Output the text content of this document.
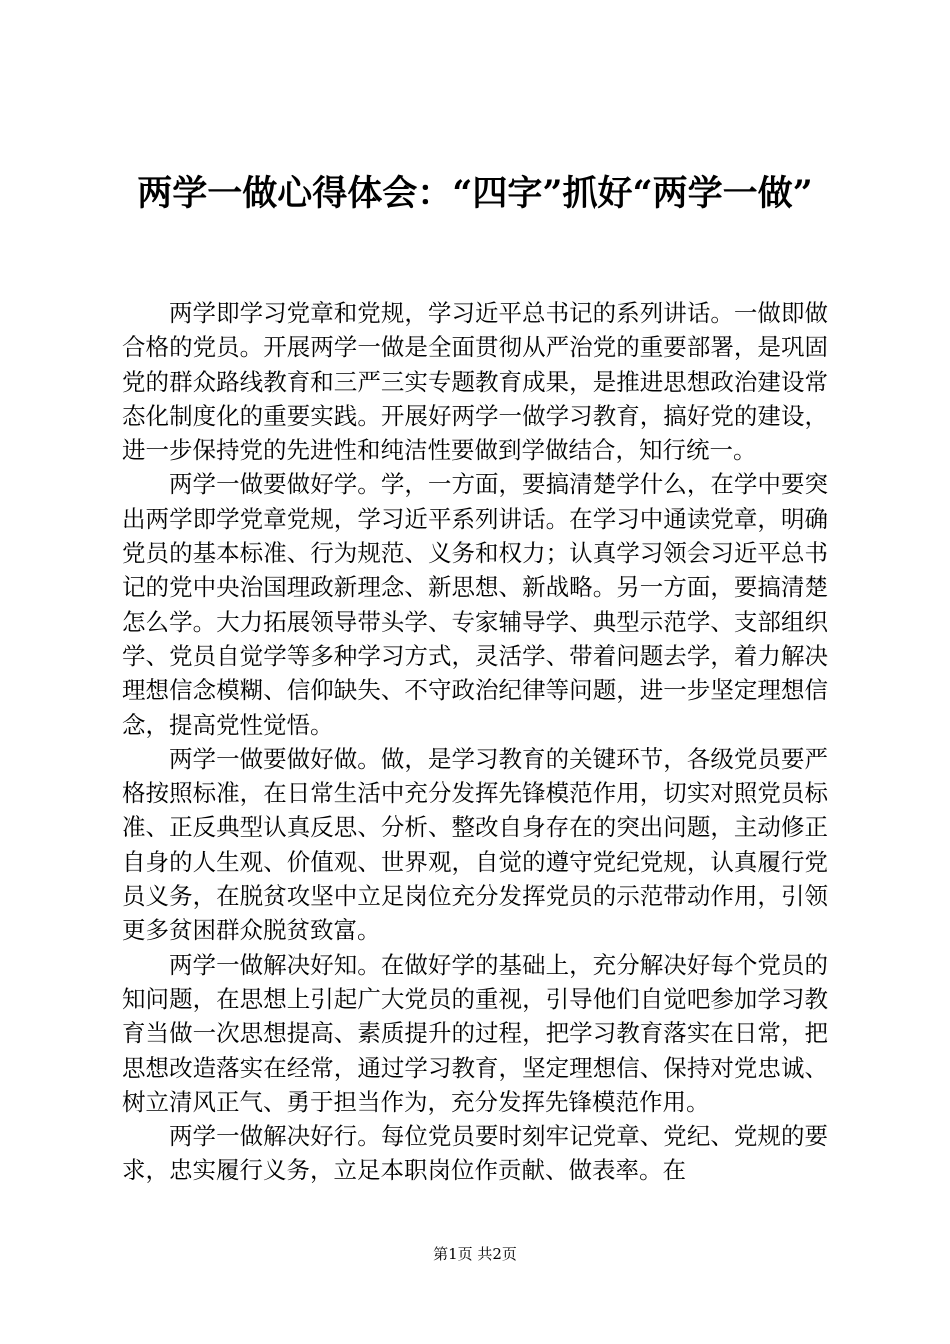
两学一做心得体会：“四字”抓好“两学一做”

两学即学习党章和党规，学习近平总书记的系列讲话。一做即做合格的党员。开展两学一做是全面贯彻从严治党的重要部署，是巩固党的群众路线教育和三严三实专题教育成果，是推进思想政治建设常态化制度化的重要实践。开展好两学一做学习教育，搞好党的建设，进一步保持党的先进性和纯洁性要做到学做结合，知行统一。

两学一做要做好学。学，一方面，要搞清楚学什么，在学中要突出两学即学党章党规，学习近平系列讲话。在学习中通读党章，明确党员的基本标准、行为规范、义务和权力；认真学习领会习近平总书记的党中央治国理政新理念、新思想、新战略。另一方面，要搞清楚怎么学。大力拓展领导带头学、专家辅导学、典型示范学、支部组织学、党员自觉学等多种学习方式，灵活学、带着问题去学，着力解决理想信念模糊、信仰缺失、不守政治纪律等问题，进一步坚定理想信念，提高党性觉悟。

两学一做要做好做。做，是学习教育的关键环节，各级党员要严格按照标准，在日常生活中充分发挥先锋模范作用，切实对照党员标准、正反典型认真反思、分析、整改自身存在的突出问题，主动修正自身的人生观、价值观、世界观，自觉的遵守党纪党规，认真履行党员义务，在脱贫攻坚中立足岗位充分发挥党员的示范带动作用，引领更多贫困群众脱贫致富。

两学一做解决好知。在做好学的基础上，充分解决好每个党员的知问题，在思想上引起广大党员的重视，引导他们自觉吧参加学习教育当做一次思想提高、素质提升的过程，把学习教育落实在日常，把思想改造落实在经常，通过学习教育，坚定理想信、保持对党忠诚、树立清风正气、勇于担当作为，充分发挥先锋模范作用。

两学一做解决好行。每位党员要时刻牢记党章、党纪、党规的要求，忠实履行义务，立足本职岗位作贡献、做表率。在

第1页 共2页
